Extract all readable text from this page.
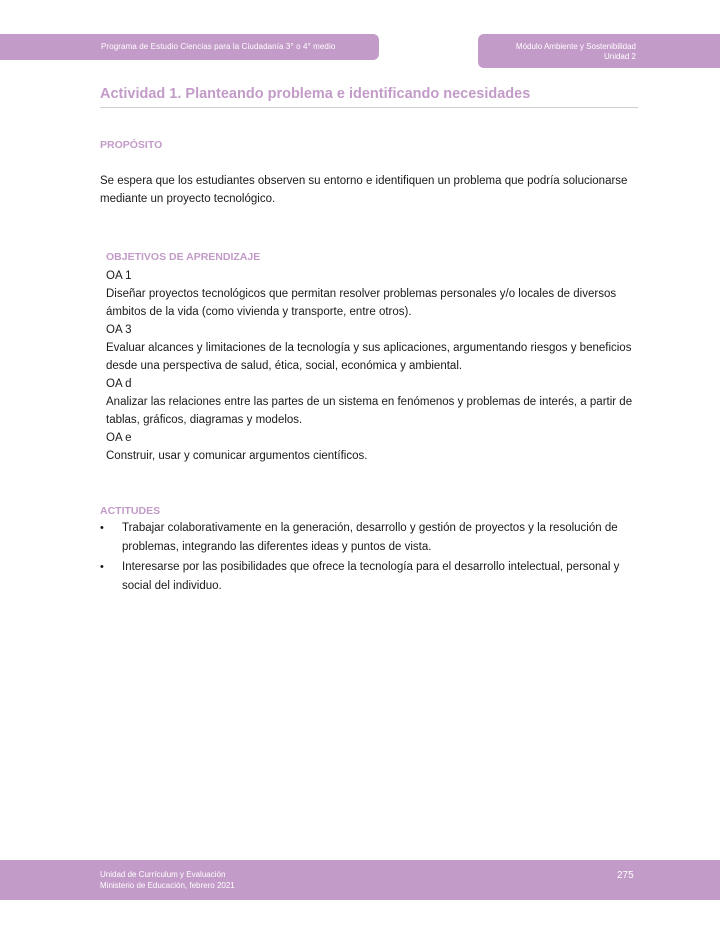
Programa de Estudio Ciencias para la Ciudadanía 3° o 4° medio	Módulo Ambiente y Sostenibilidad
Unidad 2
Actividad 1. Planteando problema e identificando necesidades
PROPÓSITO
Se espera que los estudiantes observen su entorno e identifiquen un problema que podría solucionarse mediante un proyecto tecnológico.
OBJETIVOS DE APRENDIZAJE

OA 1

Diseñar proyectos tecnológicos que permitan resolver problemas personales y/o locales de diversos ámbitos de la vida (como vivienda y transporte, entre otros).

OA 3

Evaluar alcances y limitaciones de la tecnología y sus aplicaciones, argumentando riesgos y beneficios desde una perspectiva de salud, ética, social, económica y ambiental.

OA d

Analizar las relaciones entre las partes de un sistema en fenómenos y problemas de interés, a partir de tablas, gráficos, diagramas y modelos.

OA e

Construir, usar y comunicar argumentos científicos.

ACTITUDES
• Trabajar colaborativamente en la generación, desarrollo y gestión de proyectos y la resolución de problemas, integrando las diferentes ideas y puntos de vista.
• Interesarse por las posibilidades que ofrece la tecnología para el desarrollo intelectual, personal y social del individuo.
Unidad de Currículum y Evaluación
Ministerio de Educación, febrero 2021
275
